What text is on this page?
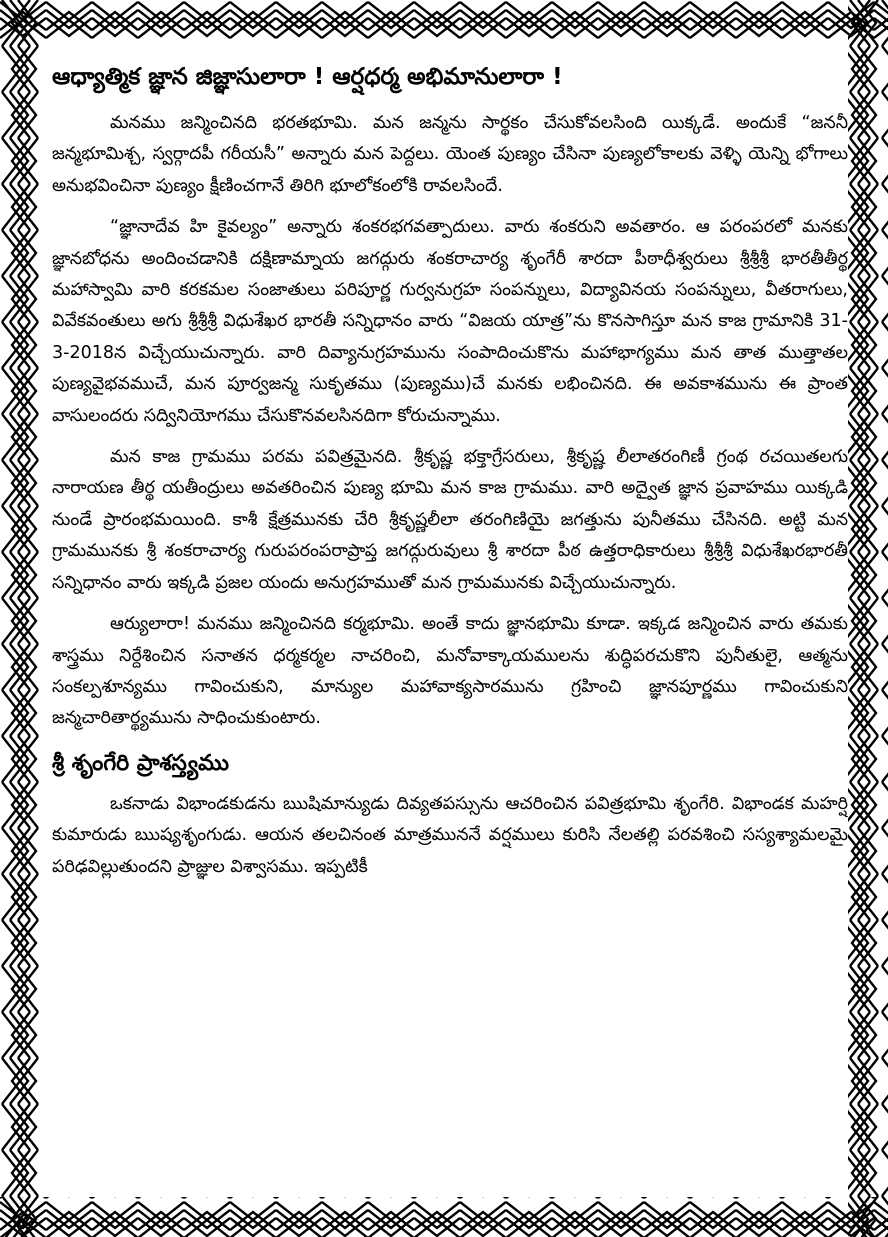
ఆధ్యాత్మిక జ్ఞాన జిజ్ఞాసులారా ! ఆర్షధర్మ అభిమానులారా !

మనము జన్మించినది భరతభూమి. మన జన్మను సార్థకం చేసుకోవలసింది యిక్కడే. అందుకే “జననీ జన్మభూమిశ్చ, స్వర్గాదపీ గరీయసీ” అన్నారు మన పెద్దలు. యెంత పుణ్యం చేసినా పుణ్యలోకాలకు వెళ్ళి యెన్ని భోగాలు అనుభవించినా పుణ్యం క్షీణించగానే తిరిగి భూలోకంలోకి రావలసిందే.

“జ్ఞానాదేవ హి కైవల్యం” అన్నారు శంకరభగవత్పాదులు. వారు శంకరుని అవతారం. ఆ పరంపరలో మనకు జ్ఞానబోధను అందించడానికి దక్షిణామ్నాయ జగద్గురు శంకరాచార్య శృంగేరీ శారదా పీఠాధీశ్వరులు శ్రీశ్రీశ్రీ భారతీతీర్థ మహాస్వామి వారి కరకమల సంజాతులు పరిపూర్ణ గుర్వనుగ్రహ సంపన్నులు, విద్యావినయ సంపన్నులు, వీతరాగులు, వివేకవంతులు అగు శ్రీశ్రీశ్రీ విధుశేఖర భారతీ సన్నిధానం వారు “విజయ యాత్ర”ను కొనసాగిస్తూ మన కాజ గ్రామానికి 31-3-2018న విచ్చేయుచున్నారు. వారి దివ్యానుగ్రహమును సంపాదించుకొను మహాభాగ్యము మన తాత ముత్తాతల పుణ్యవైభవముచే, మన పూర్వజన్మ సుకృతము (పుణ్యము)చే మనకు లభించినది. ఈ అవకాశమును ఈ ప్రాంత వాసులందరు సద్వినియోగము చేసుకొనవలసినదిగా కోరుచున్నాము.

మన కాజ గ్రామము పరమ పవిత్రమైనది. శ్రీకృష్ణ భక్తాగ్రేసరులు, శ్రీకృష్ణ లీలాతరంగిణీ గ్రంథ రచయితలగు నారాయణ తీర్థ యతీంద్రులు అవతరించిన పుణ్య భూమి మన కాజ గ్రామము. వారి అద్వైత జ్ఞాన ప్రవాహము యిక్కడి నుండే ప్రారంభమయింది. కాశీ క్షేత్రమునకు చేరి శ్రీకృష్ణలీలా తరంగిణియై జగత్తును పునీతము చేసినది. అట్టి మన గ్రామమునకు శ్రీ శంకరాచార్య గురుపరంపరాప్రాప్త జగద్గురువులు శ్రీ శారదా పీఠ ఉత్తరాధికారులు శ్రీశ్రీశ్రీ విధుశేఖరభారతీ సన్నిధానం వారు ఇక్కడి ప్రజల యందు అనుగ్రహముతో మన గ్రామమునకు విచ్చేయుచున్నారు.

ఆర్యులారా! మనము జన్మించినది కర్మభూమి. అంతే కాదు జ్ఞానభూమి కూడా. ఇక్కడ జన్మించిన వారు తమకు శాస్త్రము నిర్దేశించిన సనాతన ధర్మకర్మల నాచరించి, మనోవాక్కాయములను శుద్ధిపరచుకొని పునీతులై, ఆత్మను సంకల్పశూన్యము గావించుకుని, మాన్యుల మహావాక్యసారమును గ్రహించి జ్ఞానపూర్ణము గావించుకుని జన్మచారితార్థ్యమును సాధించుకుంటారు.

శ్రీ శృంగేరి ప్రాశస్త్యము

ఒకనాడు విభాండకుడను ఋషిమాన్యుడు దివ్యతపస్సును ఆచరించిన పవిత్రభూమి శృంగేరి. విభాండక మహర్షి కుమారుడు ఋష్యశృంగుడు. ఆయన తలచినంత మాత్రముననే వర్షములు కురిసి నేలతల్లి పరవశించి సస్యశ్యామలమై పరిఢవిల్లుతుందని ప్రాజ్ఞుల విశ్వాసము. ఇప్పటికీ
